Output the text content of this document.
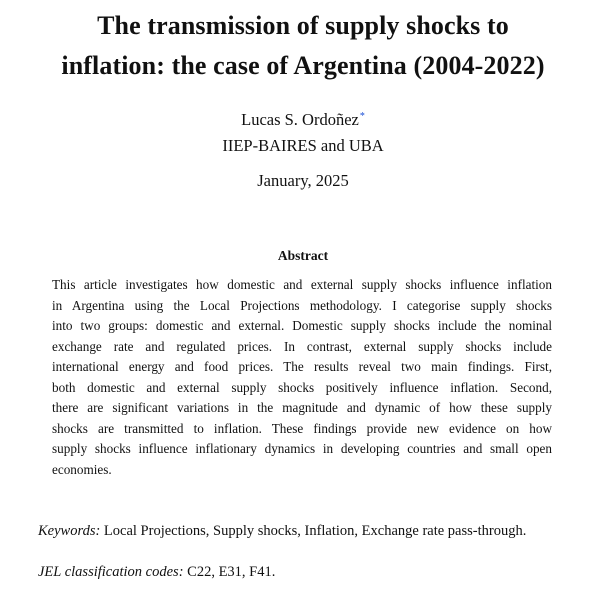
The transmission of supply shocks to
inflation: the case of Argentina (2004-2022)
Lucas S. Ordoñez*
IIEP-BAIRES and UBA
January, 2025
Abstract
This article investigates how domestic and external supply shocks influence inflation
in Argentina using the Local Projections methodology. I categorise supply shocks
into two groups: domestic and external. Domestic supply shocks include the nominal
exchange rate and regulated prices. In contrast, external supply shocks include
international energy and food prices. The results reveal two main findings. First,
both domestic and external supply shocks positively influence inflation. Second,
there are significant variations in the magnitude and dynamic of how these supply
shocks are transmitted to inflation. These findings provide new evidence on how
supply shocks influence inflationary dynamics in developing countries and small open
economies.
Keywords: Local Projections, Supply shocks, Inflation, Exchange rate pass-through.
JEL classification codes: C22, E31, F41.
